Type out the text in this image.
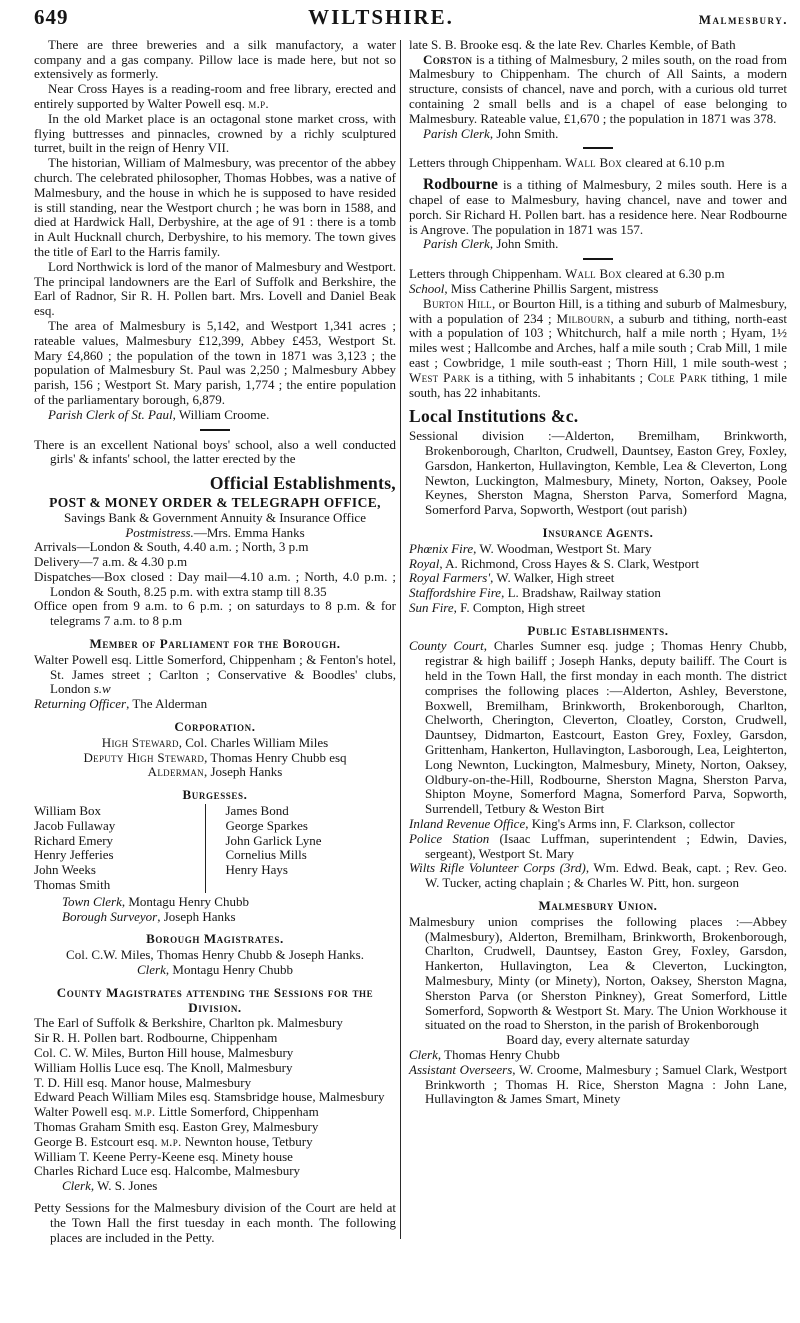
649	WILTSHIRE.	Malmesbury.
There are three breweries and a silk manufactory, a water company and a gas company. Pillow lace is made here, but not so extensively as formerly.
Near Cross Hayes is a reading-room and free library, erected and entirely supported by Walter Powell esq. m.p.
In the old Market place is an octagonal stone market cross, with flying buttresses and pinnacles, crowned by a richly sculptured turret, built in the reign of Henry VII.
The historian, William of Malmesbury, was precentor of the abbey church. The celebrated philosopher, Thomas Hobbes, was a native of Malmesbury, and the house in which he is supposed to have resided is still standing, near the Westport church ; he was born in 1588, and died at Hardwick Hall, Derbyshire, at the age of 91 : there is a tomb in Ault Hucknall church, Derbyshire, to his memory. The town gives the title of Earl to the Harris family.
Lord Northwick is lord of the manor of Malmesbury and Westport. The principal landowners are the Earl of Suffolk and Berkshire, the Earl of Radnor, Sir R. H. Pollen bart. Mrs. Lovell and Daniel Beak esq.
The area of Malmesbury is 5,142, and Westport 1,341 acres ; rateable values, Malmesbury £12,399, Abbey £453, Westport St. Mary £4,860 ; the population of the town in 1871 was 3,123 ; the population of Malmesbury St. Paul was 2,250 ; Malmesbury Abbey parish, 156 ; Westport St. Mary parish, 1,774 ; the entire population of the parliamentary borough, 6,879.
Parish Clerk of St. Paul, William Croome.
There is an excellent National boys' school, also a well conducted girls' & infants' school, the latter erected by the
Official Establishments,
POST & MONEY ORDER & TELEGRAPH OFFICE,
Savings Bank & Government Annuity & Insurance Office
Postmistress.—Mrs. Emma Hanks
Arrivals—London & South, 4.40 a.m. ; North, 3 p.m
Delivery—7 a.m. & 4.30 p.m
Dispatches—Box closed : Day mail—4.10 a.m. ; North, 4.0 p.m. ; London & South, 8.25 p.m. with extra stamp till 8.35
Office open from 9 a.m. to 6 p.m. ; on saturdays to 8 p.m. & for telegrams 7 a.m. to 8 p.m
Member of Parliament for the Borough.
Walter Powell esq. Little Somerford, Chippenham ; & Fenton's hotel, St. James street ; Carlton ; Conservative & Boodles' clubs, London s.w
Returning Officer, The Alderman
Corporation.
High Steward, Col. Charles William Miles
Deputy High Steward, Thomas Henry Chubb esq
Alderman, Joseph Hanks
Burgesses.
William Box
Jacob Fullaway
Richard Emery
Henry Jefferies
John Weeks
Thomas Smith
James Bond
George Sparkes
John Garlick Lyne
Cornelius Mills
Henry Hays
Town Clerk, Montagu Henry Chubb
Borough Surveyor, Joseph Hanks
Borough Magistrates.
Col. C.W. Miles, Thomas Henry Chubb & Joseph Hanks.
Clerk, Montagu Henry Chubb
County Magistrates attending the Sessions for the Division.
The Earl of Suffolk & Berkshire, Charlton pk. Malmesbury
Sir R. H. Pollen bart. Rodbourne, Chippenham
Col. C. W. Miles, Burton Hill house, Malmesbury
William Hollis Luce esq. The Knoll, Malmesbury
T. D. Hill esq. Manor house, Malmesbury
Edward Peach William Miles esq. Stamsbridge house, Malmesbury
Walter Powell esq. m.p. Little Somerford, Chippenham
Thomas Graham Smith esq. Easton Grey, Malmesbury
George B. Estcourt esq. m.p. Newnton house, Tetbury
William T. Keene Perry-Keene esq. Minety house
Charles Richard Luce esq. Halcombe, Malmesbury
Clerk, W. S. Jones
Petty Sessions for the Malmesbury division of the Court are held at the Town Hall the first tuesday in each month. The following places are included in the Petty.
late S. B. Brooke esq. & the late Rev. Charles Kemble, of Bath
Corston is a tithing of Malmesbury, 2 miles south, on the road from Malmesbury to Chippenham. The church of All Saints, a modern structure, consists of chancel, nave and porch, with a curious old turret containing 2 small bells and is a chapel of ease belonging to Malmesbury. Rateable value, £1,670 ; the population in 1871 was 378.
Parish Clerk, John Smith.
Letters through Chippenham. Wall Box cleared at 6.10 p.m
Rodbourne is a tithing of Malmesbury, 2 miles south. Here is a chapel of ease to Malmesbury, having chancel, nave and tower and porch. Sir Richard H. Pollen bart. has a residence here. Near Rodbourne is Angrove. The population in 1871 was 157.
Parish Clerk, John Smith.
Letters through Chippenham. Wall Box cleared at 6.30 p.m
School, Miss Catherine Phillis Sargent, mistress
Burton Hill, or Bourton Hill, is a tithing and suburb of Malmesbury, with a population of 234 ; Milbourn, a suburb and tithing, north-east with a population of 103 ; Whitchurch, half a mile north ; Hyam, 1½ miles west ; Hallcombe and Arches, half a mile south ; Crab Mill, 1 mile east ; Cowbridge, 1 mile south-east ; Thorn Hill, 1 mile south-west ; West Park is a tithing, with 5 inhabitants ; Cole Park tithing, 1 mile south, has 22 inhabitants.
Local Institutions &c.
Sessional division :—Alderton, Bremilham, Brinkworth, Brokenborough, Charlton, Crudwell, Dauntsey, Easton Grey, Foxley, Garsdon, Hankerton, Hullavington, Kemble, Lea & Cleverton, Long Newton, Luckington, Malmesbury, Minety, Norton, Oaksey, Poole Keynes, Sherston Magna, Sherston Parva, Somerford Magna, Somerford Parva, Sopworth, Westport (out parish)
Insurance Agents.
Phœnix Fire, W. Woodman, Westport St. Mary
Royal, A. Richmond, Cross Hayes & S. Clark, Westport
Royal Farmers', W. Walker, High street
Staffordshire Fire, L. Bradshaw, Railway station
Sun Fire, F. Compton, High street
Public Establishments.
County Court, Charles Sumner esq. judge ; Thomas Henry Chubb, registrar & high bailiff ; Joseph Hanks, deputy bailiff. The Court is held in the Town Hall, the first monday in each month. The district comprises the following places :—Alderton, Ashley, Beverstone, Boxwell, Bremilham, Brinkworth, Brokenborough, Charlton, Chelworth, Cherington, Cleverton, Cloatley, Corston, Crudwell, Dauntsey, Didmarton, Eastcourt, Easton Grey, Foxley, Garsdon, Grittenham, Hankerton, Hullavington, Lasborough, Lea, Leighterton, Long Newnton, Luckington, Malmesbury, Minety, Norton, Oaksey, Oldbury-on-the-Hill, Rodbourne, Sherston Magna, Sherston Parva, Shipton Moyne, Somerford Magna, Somerford Parva, Sopworth, Surrendell, Tetbury & Weston Birt
Inland Revenue Office, King's Arms inn, F. Clarkson, collector
Police Station (Isaac Luffman, superintendent ; Edwin, Davies, sergeant), Westport St. Mary
Wilts Rifle Volunteer Corps (3rd), Wm. Edwd. Beak, capt. ; Rev. Geo. W. Tucker, acting chaplain ; & Charles W. Pitt, hon. surgeon
Malmesbury Union.
Malmesbury union comprises the following places :—Abbey (Malmesbury), Alderton, Bremilham, Brinkworth, Brokenborough, Charlton, Crudwell, Dauntsey, Easton Grey, Foxley, Garsdon, Hankerton, Hullavington, Lea & Cleverton, Luckington, Malmesbury, Minty (or Minety), Norton, Oaksey, Sherston Magna, Sherston Parva (or Sherston Pinkney), Great Somerford, Little Somerford, Sopworth & Westport St. Mary. The Union Workhouse it situated on the road to Sherston, in the parish of Brokenborough
Board day, every alternate saturday
Clerk, Thomas Henry Chubb
Assistant Overseers, W. Croome, Malmesbury ; Samuel Clark, Westport Brinkworth ; Thomas H. Rice, Sherston Magna : John Lane, Hullavington & James Smart, Minety
